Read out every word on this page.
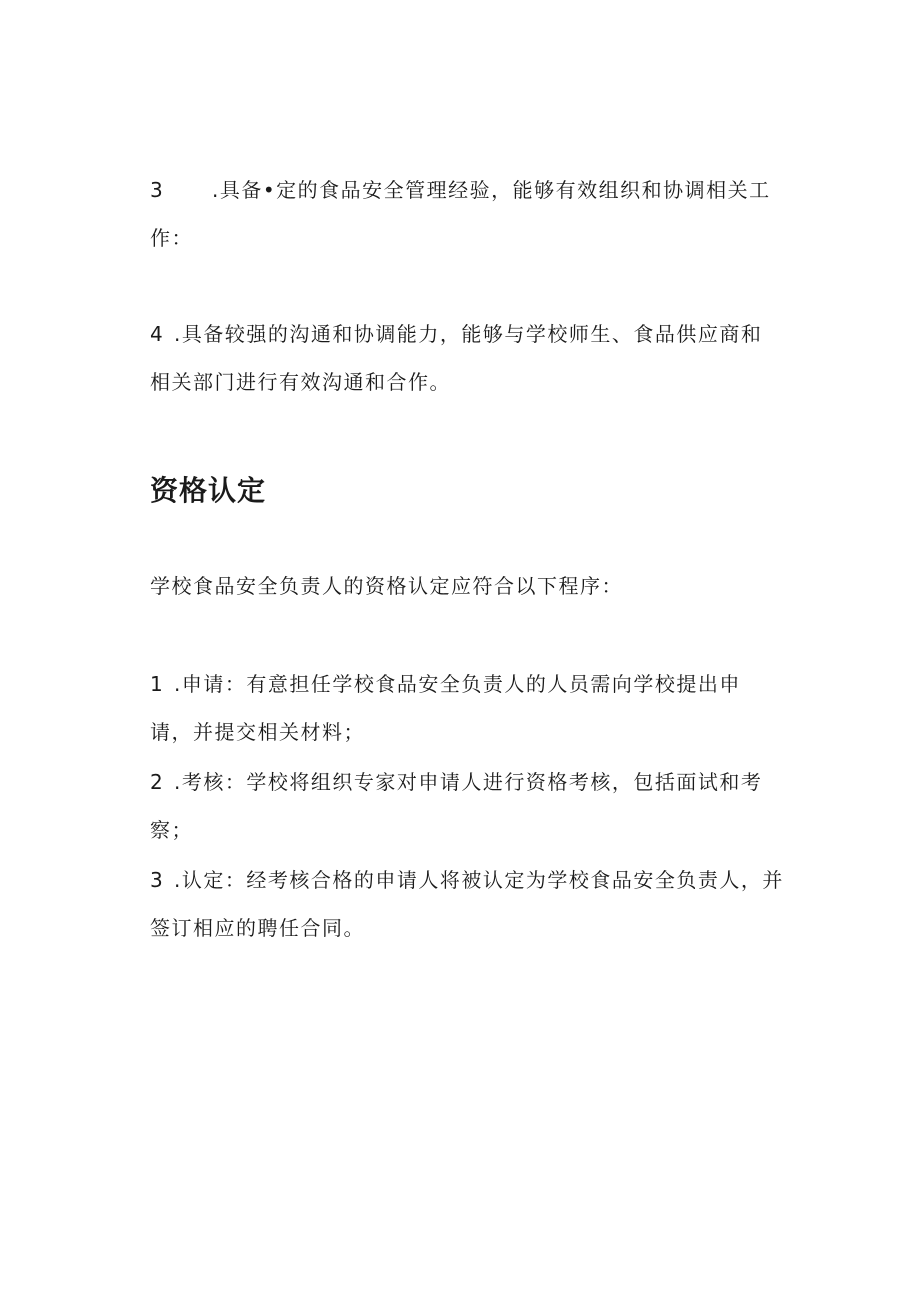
3 .具备•定的食品安全管理经验，能够有效组织和协调相关工
作：
4 .具备较强的沟通和协调能力，能够与学校师生、食品供应商和
相关部门进行有效沟通和合作。
资格认定
学校食品安全负责人的资格认定应符合以下程序：
1 .申请：有意担任学校食品安全负责人的人员需向学校提出申
请，并提交相关材料；
2 .考核：学校将组织专家对申请人进行资格考核，包括面试和考
察；
3 .认定：经考核合格的申请人将被认定为学校食品安全负责人，并
签订相应的聘任合同。
